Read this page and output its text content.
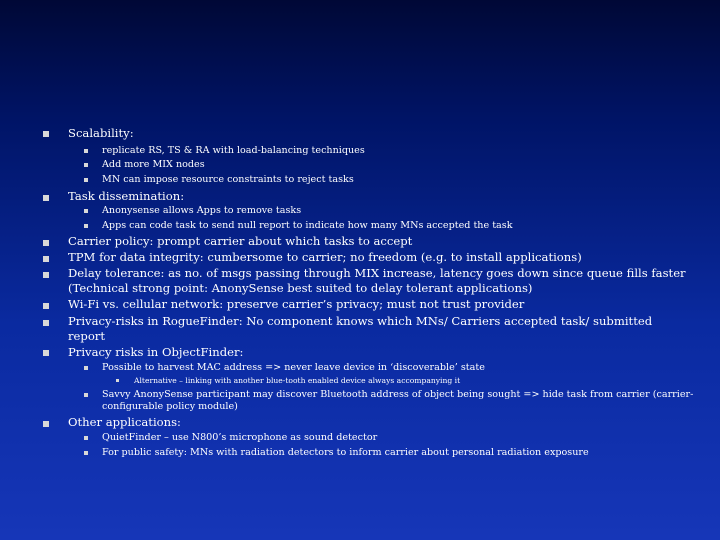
Scalability:
replicate RS, TS & RA with load-balancing techniques
Add more MIX nodes
MN can impose resource constraints to reject tasks
Task dissemination:
Anonysense allows Apps to remove tasks
Apps can code task to send null report to indicate how many MNs accepted the task
Carrier policy: prompt carrier about which tasks to accept
TPM for data integrity: cumbersome to carrier; no freedom (e.g. to install applications)
Delay tolerance: as no. of msgs passing through MIX increase, latency goes down since queue fills faster
(Technical strong point: AnonySense best suited to delay tolerant applications)
Wi-Fi vs. cellular network: preserve carrier’s privacy; must not trust provider
Privacy-risks in RogueFinder: No component knows which MNs/ Carriers accepted task/ submitted
report
Privacy risks in ObjectFinder:
Possible to harvest MAC address => never leave device in ‘discoverable’ state
Alternative – linking with another blue-tooth enabled device always accompanying it
Savvy AnonySense participant may discover Bluetooth address of object being sought => hide task from carrier (carrier-
configurable policy module)
Other applications:
QuietFinder – use N800’s microphone as sound detector
For public safety: MNs with radiation detectors to inform carrier about personal radiation exposure
